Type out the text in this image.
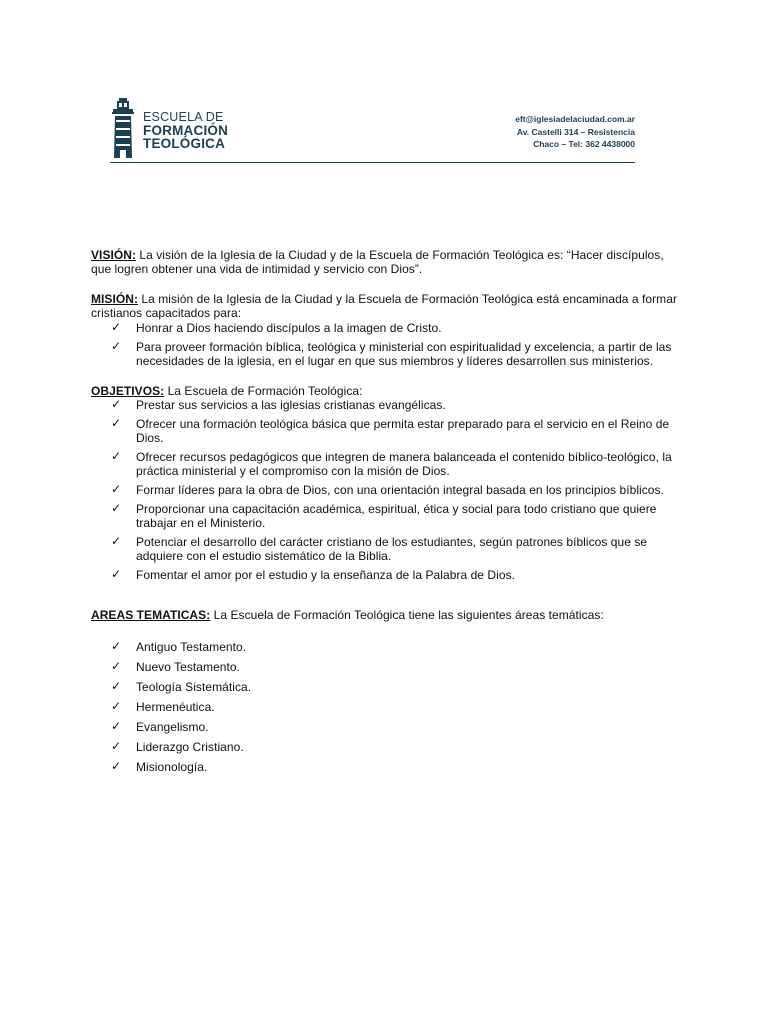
ESCUELA DE
FORMACIÓN
TEOLÓGICA
eft@iglesiadelaciudad.com.ar
Av. Castelli 314 – Resistencia
Chaco – Tel: 362 4438000

VISIÓN: La visión de la Iglesia de la Ciudad y de la Escuela de Formación Teológica es: “Hacer discípulos, que logren obtener una vida de intimidad y servicio con Dios”.

MISIÓN: La misión de la Iglesia de la Ciudad y la Escuela de Formación Teológica está encaminada a formar cristianos capacitados para:

✓ Honrar a Dios haciendo discípulos a la imagen de Cristo.
✓ Para proveer formación bíblica, teológica y ministerial con espiritualidad y excelencia, a partir de las necesidades de la iglesia, en el lugar en que sus miembros y líderes desarrollen sus ministerios.

OBJETIVOS: La Escuela de Formación Teológica:

✓ Prestar sus servicios a las iglesias cristianas evangélicas.
✓ Ofrecer una formación teológica básica que permita estar preparado para el servicio en el Reino de Dios.
✓ Ofrecer recursos pedagógicos que integren de manera balanceada el contenido bíblico-teológico, la práctica ministerial y el compromiso con la misión de Dios.
✓ Formar líderes para la obra de Dios, con una orientación integral basada en los principios bíblicos.
✓ Proporcionar una capacitación académica, espiritual, ética y social para todo cristiano que quiere trabajar en el Ministerio.
✓ Potenciar el desarrollo del carácter cristiano de los estudiantes, según patrones bíblicos que se adquiere con el estudio sistemático de la Biblia.
✓ Fomentar el amor por el estudio y la enseñanza de la Palabra de Dios.

AREAS TEMATICAS: La Escuela de Formación Teológica tiene las siguientes áreas temáticas:

✓ Antiguo Testamento.
✓ Nuevo Testamento.
✓ Teología Sistemática.
✓ Hermenéutica.
✓ Evangelismo.
✓ Liderazgo Cristiano.
✓ Misionología.
